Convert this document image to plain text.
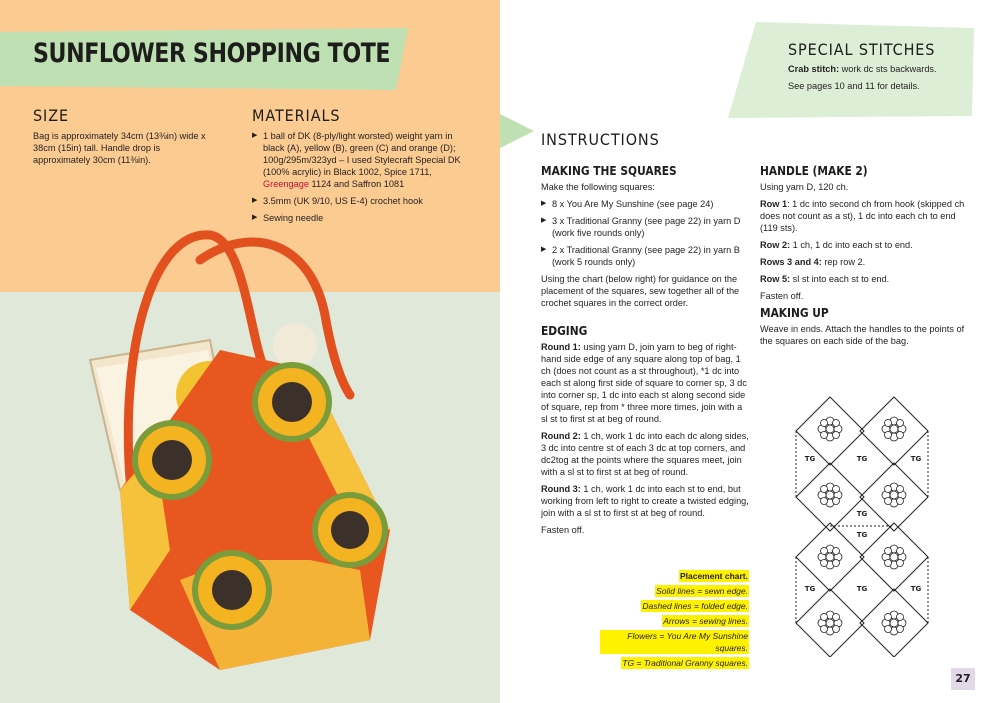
SUNFLOWER SHOPPING TOTE
SIZE
Bag is approximately 34cm (13⅜in) wide x 38cm (15in) tall. Handle drop is approximately 30cm (11⅜in).
MATERIALS
▶ 1 ball of DK (8-ply/light worsted) weight yarn in black (A), yellow (B), green (C) and orange (D); 100g/295m/323yd – I used Stylecraft Special DK (100% acrylic) in Black 1002, Spice 1711, Greengage 1124 and Saffron 1081
▶ 3.5mm (UK 9/10, US E-4) crochet hook
▶ Sewing needle
SPECIAL STITCHES

Crab stitch: work dc sts backwards.

See pages 10 and 11 for details.

INSTRUCTIONS
MAKING THE SQUARES

Make the following squares:

▶ 8 x You Are My Sunshine (see page 24)
▶ 3 x Traditional Granny (see page 22) in yarn D (work five rounds only)
▶ 2 x Traditional Granny (see page 22) in yarn B (work 5 rounds only)

Using the chart (below right) for guidance on the placement of the squares, sew together all of the crochet squares in the correct order.

EDGING

Round 1: using yarn D, join yarn to beg of right-hand side edge of any square along top of bag, 1 ch (does not count as a st throughout), *1 dc into each st along first side of square to corner sp, 3 dc into corner sp, 1 dc into each st along second side of square, rep from * three more times, join with a sl st to first st at beg of round.

Round 2: 1 ch, work 1 dc into each dc along sides, 3 dc into centre st of each 3 dc at top corners, and dc2tog at the points where the squares meet, join with a sl st to first st at beg of round.

Round 3: 1 ch, work 1 dc into each st to end, but working from left to right to create a twisted edging, join with a sl st to first st at beg of round.

Fasten off.

HANDLE (MAKE 2)

Using yarn D, 120 ch.

Row 1: 1 dc into second ch from hook (skipped ch does not count as a st), 1 dc into each ch to end (119 sts).

Row 2: 1 ch, 1 dc into each st to end.

Rows 3 and 4: rep row 2.

Row 5: sl st into each st to end.

Fasten off.

MAKING UP
Weave in ends. Attach the handles to the points of the squares on each side of the bag.
Placement chart.
Solid lines = sewn edge.
Dashed lines = folded edge.
Arrows = sewing lines.
Flowers = You Are My Sunshine squares.
TG = Traditional Granny squares.
TG	TG	TG
TG
TG
TG	TG	TG
27
